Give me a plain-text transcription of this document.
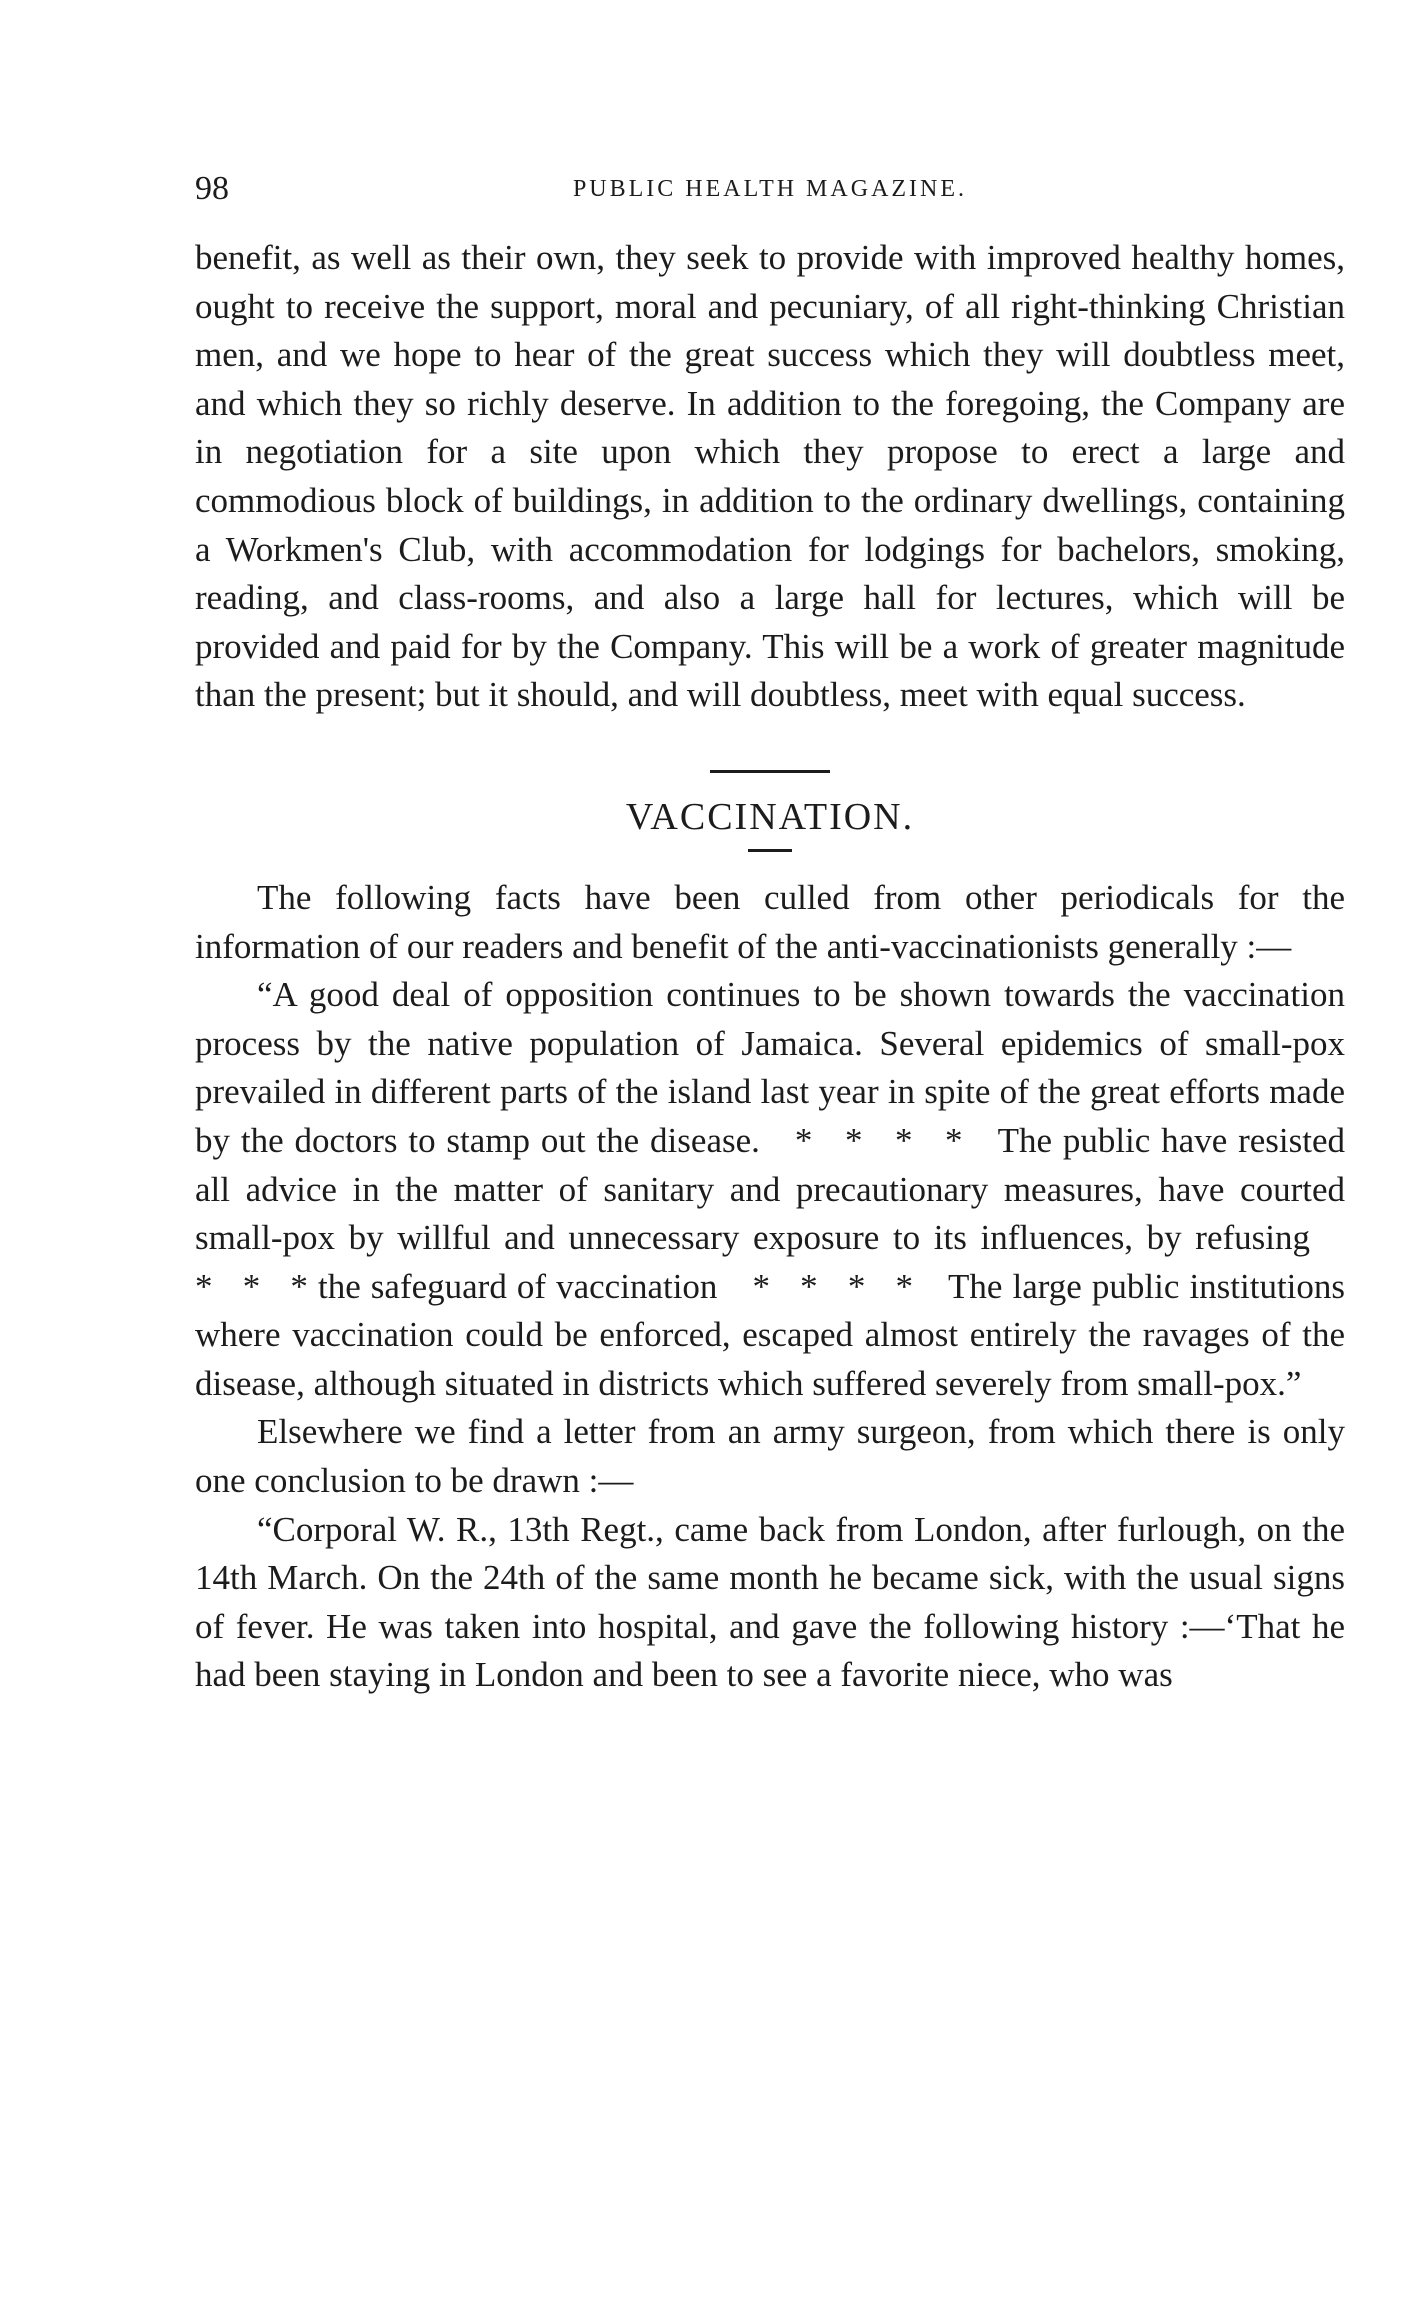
98	PUBLIC HEALTH MAGAZINE.

benefit, as well as their own, they seek to provide with improved healthy homes, ought to receive the support, moral and pecuniary, of all right-thinking Christian men, and we hope to hear of the great success which they will doubtless meet, and which they so richly deserve. In addition to the foregoing, the Company are in negotiation for a site upon which they propose to erect a large and commodious block of buildings, in addition to the ordinary dwellings, containing a Workmen's Club, with accommodation for lodgings for bachelors, smoking, reading, and class-rooms, and also a large hall for lectures, which will be provided and paid for by the Company. This will be a work of greater magnitude than the present; but it should, and will doubtless, meet with equal success.

VACCINATION.

The following facts have been culled from other periodicals for the information of our readers and benefit of the anti-vaccinationists generally :—

“A good deal of opposition continues to be shown towards the vaccination process by the native population of Jamaica. Several epidemics of small-pox prevailed in different parts of the island last year in spite of the great efforts made by the doctors to stamp out the disease.  *   *   *   *  The public have resisted all advice in the matter of sanitary and precautionary measures, have courted small-pox by willful and unnecessary exposure to its influences, by refusing *   *   * the safeguard of vaccination  *   *   *   *  The large public institutions where vaccination could be enforced, escaped almost entirely the ravages of the disease, although situated in districts which suffered severely from small-pox.”

Elsewhere we find a letter from an army surgeon, from which there is only one conclusion to be drawn :—

“Corporal W. R., 13th Regt., came back from London, after furlough, on the 14th March. On the 24th of the same month he became sick, with the usual signs of fever. He was taken into hospital, and gave the following history :—‘That he had been staying in London and been to see a favorite niece, who was
